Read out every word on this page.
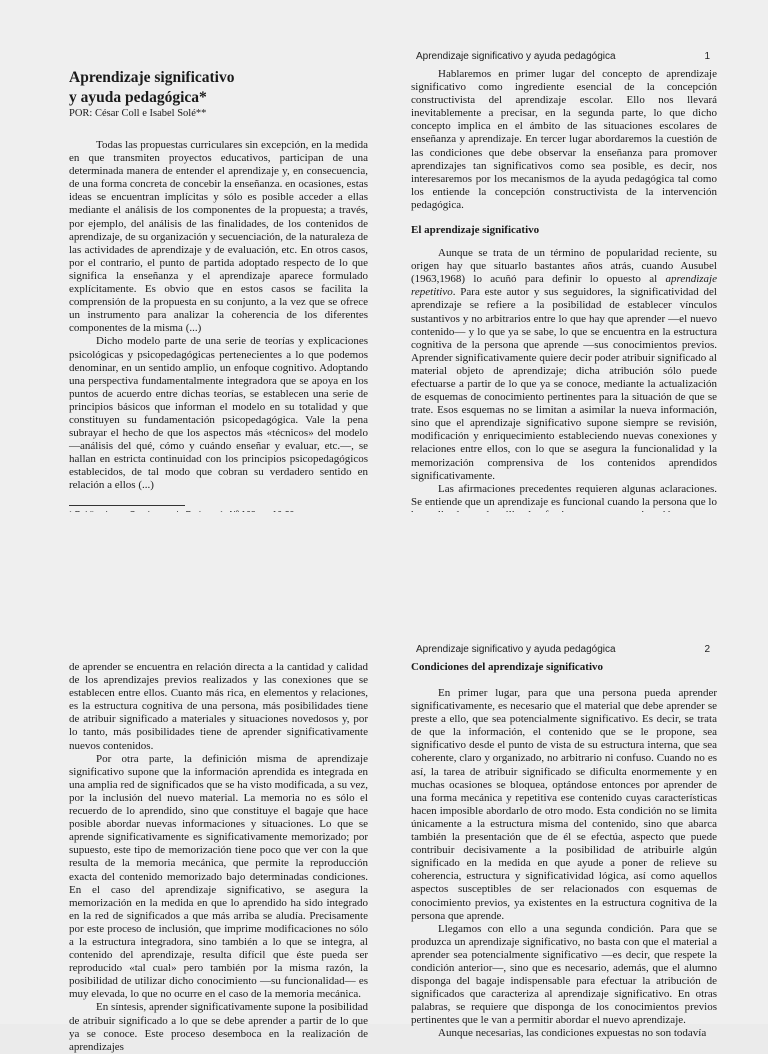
Aprendizaje significativo y ayuda pedagógica	1

Aprendizaje significativo

y ayuda pedagógica*

POR: César Coll e Isabel Solé**

Todas las propuestas curriculares sin excepción, en la medida en que transmiten proyectos educativos, participan de una determinada manera de entender el aprendizaje y, en consecuencia, de una forma concreta de concebir la enseñanza. en ocasiones, estas ideas se encuentran implícitas y sólo es posible acceder a ellas mediante el análisis de los componentes de la propuesta; a través, por ejemplo, del análisis de las finalidades, de los contenidos de aprendizaje, de su organización y secuenciación, de la naturaleza de las actividades de aprendizaje y de evaluación, etc. En otros casos, por el contrario, el punto de partida adoptado respecto de lo que significa la enseñanza y el aprendizaje aparece formulado explícitamente. Es obvio que en estos casos se facilita la comprensión de la propuesta en su conjunto, a la vez que se ofrece un instrumento para analizar la coherencia de los diferentes componentes de la misma (...)

Dicho modelo parte de una serie de teorías y explicaciones psicológicas y psicopedagógicas pertenecientes a lo que podemos denominar, en un sentido amplio, un enfoque cognitivo. Adoptando una perspectiva fundamentalmente integradora que se apoya en los puntos de acuerdo entre dichas teorías, se establecen una serie de principios básicos que informan el modelo en su totalidad y que constituyen su fundamentación psicopedagógica. Vale la pena subrayar el hecho de que los aspectos más «técnicos» del modelo —análisis del qué, cómo y cuándo enseñar y evaluar, etc.—, se hallan en estricta continuidad con los principios psicopedagógicos establecidos, de tal modo que cobran su verdadero sentido en relación a ellos (...)

Hablaremos en primer lugar del concepto de aprendizaje significativo como ingrediente esencial de la concepción constructivista del aprendizaje escolar. Ello nos llevará inevitablemente a precisar, en la segunda parte, lo que dicho concepto implica en el ámbito de las situaciones escolares de enseñanza y aprendizaje. En tercer lugar abordaremos la cuestión de las condiciones que debe observar la enseñanza para promover aprendizajes tan significativos como sea posible, es decir, nos interesaremos por los mecanismos de la ayuda pedagógica tal como los entiende la concepción constructivista de la intervención pedagógica.

El aprendizaje significativo

Aunque se trata de un término de popularidad reciente, su origen hay que situarlo bastantes años atrás, cuando Ausubel (1963,1968) lo acuñó para definir lo opuesto al aprendizaje repetitivo. Para este autor y sus seguidores, la significatividad del aprendizaje se refiere a la posibilidad de establecer vínculos sustantivos y no arbitrarios entre lo que hay que aprender —el nuevo contenido— y lo que ya se sabe, lo que se encuentra en la estructura cognitiva de la persona que aprende —sus conocimientos previos. Aprender significativamente quiere decir poder atribuir significado al material objeto de aprendizaje; dicha atribución sólo puede efectuarse a partir de lo que ya se conoce, mediante la actualización de esquemas de conocimiento pertinentes para la situación de que se trate. Esos esquemas no se limitan a asimilar la nueva información, sino que el aprendizaje significativo supone siempre se revisión, modificación y enriquecimiento estableciendo nuevas conexiones y relaciones entre ellos, con lo que se asegura la funcionalidad y la memorización comprensiva de los contenidos aprendidos significativamente.

Las afirmaciones precedentes requieren algunas aclaraciones. Se entiende que un aprendizaje es funcional cuando la persona que lo

Aprendizaje significativo y ayuda pedagógica	2

de aprender se encuentra en relación directa a la cantidad y calidad de los aprendizajes previos realizados y las conexiones que se establecen entre ellos. Cuanto más rica, en elementos y relaciones, es la estructura cognitiva de una persona, más posibilidades tiene de atribuir significado a materiales y situaciones novedosos y, por lo tanto, más posibilidades tiene de aprender significativamente nuevos contenidos.

Por otra parte, la definición misma de aprendizaje significativo supone que la información aprendida es integrada en una amplia red de significados que se ha visto modificada, a su vez, por la inclusión del nuevo material. La memoria no es sólo el recuerdo de lo aprendido, sino que constituye el bagaje que hace posible abordar nuevas informaciones y situaciones. Lo que se aprende significativamente es significativamente memorizado; por supuesto, este tipo de memorización tiene poco que ver con la que resulta de la memoria mecánica, que permite la reproducción exacta del contenido memorizado bajo determinadas condiciones. En el caso del aprendizaje significativo, se asegura la memorización en la medida en que lo aprendido ha sido integrado en la red de significados a que más arriba se aludía. Precisamente por este proceso de inclusión, que imprime modificaciones no sólo a la estructura integradora, sino también a lo que se integra, al contenido del aprendizaje, resulta difícil que éste pueda ser reproducido «tal cual» pero también por la misma razón, la posibilidad de utilizar dicho conocimiento —su funcionalidad— es muy elevada, lo que no ocurre en el caso de la memoria mecánica.

En síntesis, aprender significativamente supone la posibilidad de atribuir significado a lo que se debe aprender a partir de lo que ya se conoce. Este proceso desemboca en la realización de aprendizajes

Condiciones del aprendizaje significativo

En primer lugar, para que una persona pueda aprender significativamente, es necesario que el material que debe aprender se preste a ello, que sea potencialmente significativo. Es decir, se trata de que la información, el contenido que se le propone, sea significativo desde el punto de vista de su estructura interna, que sea coherente, claro y organizado, no arbitrario ni confuso. Cuando no es así, la tarea de atribuir significado se dificulta enormemente y en muchas ocasiones se bloquea, optándose entonces por aprender de una forma mecánica y repetitiva ese contenido cuyas características hacen imposible abordarlo de otro modo. Esta condición no se limita únicamente a la estructura misma del contenido, sino que abarca también la presentación que de él se efectúa, aspecto que puede contribuir decisivamente a la posibilidad de atribuirle algún significado en la medida en que ayude a poner de relieve su coherencia, estructura y significatividad lógica, así como aquellos aspectos susceptibles de ser relacionados con esquemas de conocimiento previos, ya existentes en la estructura cognitiva de la persona que aprende.

Llegamos con ello a una segunda condición. Para que se produzca un aprendizaje significativo, no basta con que el material a aprender sea potencialmente significativo —es decir, que respete la condición anterior—, sino que es necesario, además, que el alumno disponga del bagaje indispensable para efectuar la atribución de significados que caracteriza al aprendizaje significativo. En otras palabras, se requiere que disponga de los conocimientos previos pertinentes que le van a permitir abordar el nuevo aprendizaje.

Aunque necesarias, las condiciones expuestas no son todavía
